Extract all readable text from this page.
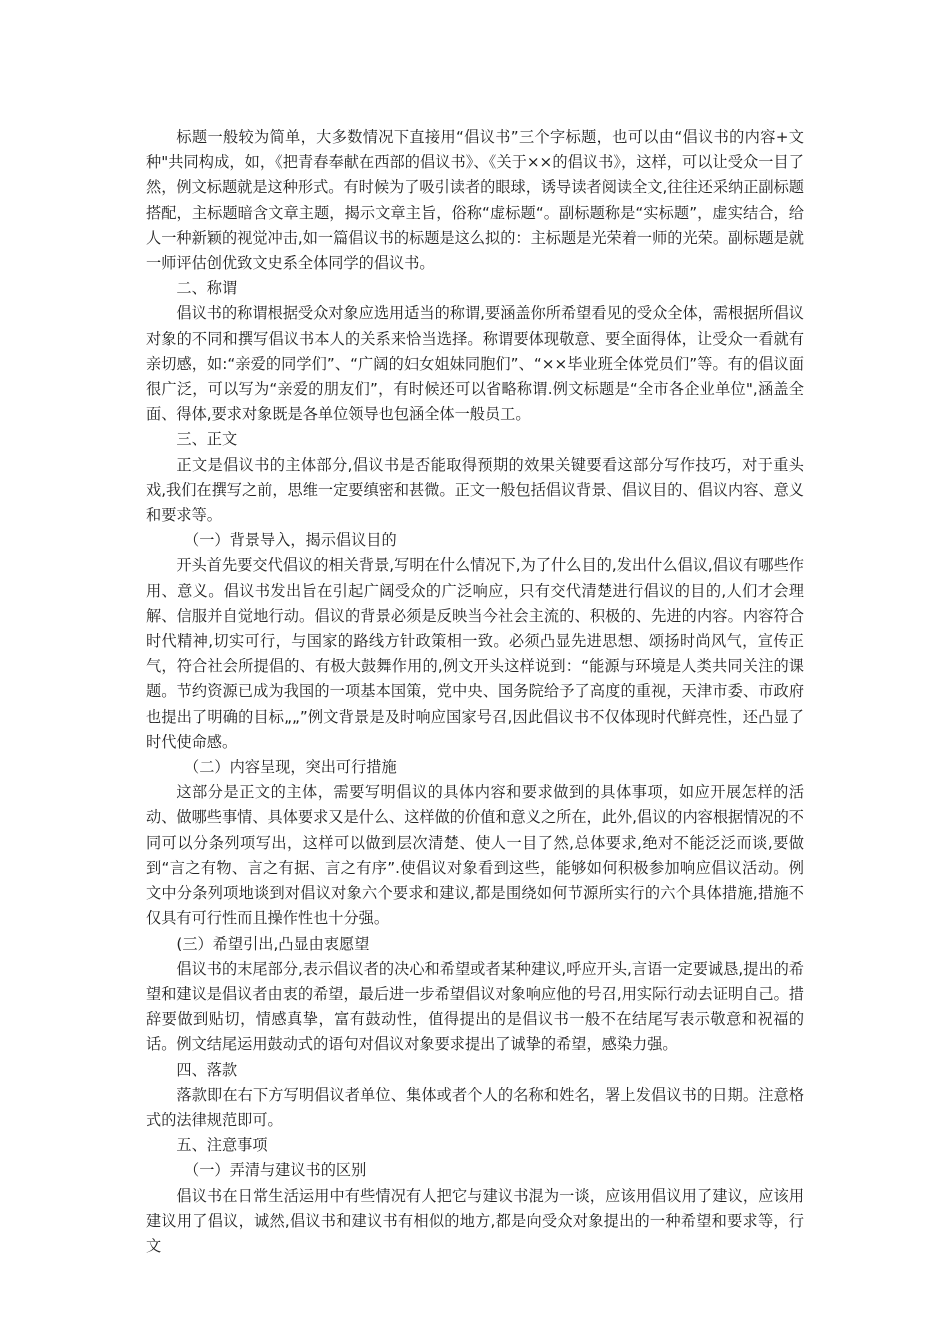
标题一般较为简单，大多数情况下直接用“倡议书”三个字标题，也可以由“倡议书的内容+文种"共同构成，如，《把青春奉献在西部的倡议书》、《关于××的倡议书》，这样，可以让受众一目了然，例文标题就是这种形式。有时候为了吸引读者的眼球，诱导读者阅读全文,往往还采纳正副标题搭配，主标题暗含文章主题，揭示文章主旨，俗称“虚标题“。副标题称是“实标题”，虚实结合，给人一种新颖的视觉冲击,如一篇倡议书的标题是这么拟的：主标题是光荣着一师的光荣。副标题是就一师评估创优致文史系全体同学的倡议书。

二、称谓

倡议书的称谓根据受众对象应选用适当的称谓,要涵盖你所希望看见的受众全体，需根据所倡议对象的不同和撰写倡议书本人的关系来恰当选择。称谓要体现敬意、要全面得体，让受众一看就有亲切感，如:“亲爱的同学们”、“广阔的妇女姐妹同胞们”、“××毕业班全体党员们”等。有的倡议面很广泛，可以写为“亲爱的朋友们”，有时候还可以省略称谓.例文标题是“全市各企业单位",涵盖全面、得体,要求对象既是各单位领导也包涵全体一般员工。

三、正文

正文是倡议书的主体部分,倡议书是否能取得预期的效果关键要看这部分写作技巧，对于重头戏,我们在撰写之前，思维一定要缜密和甚微。正文一般包括倡议背景、倡议目的、倡议内容、意义和要求等。

（一）背景导入，揭示倡议目的

开头首先要交代倡议的相关背景,写明在什么情况下,为了什么目的,发出什么倡议,倡议有哪些作用、意义。倡议书发出旨在引起广阔受众的广泛响应，只有交代清楚进行倡议的目的,人们才会理解、信服并自觉地行动。倡议的背景必须是反映当今社会主流的、积极的、先进的内容。内容符合时代精神,切实可行，与国家的路线方针政策相一致。必须凸显先进思想、颂扬时尚风气，宣传正气，符合社会所提倡的、有极大鼓舞作用的,例文开头这样说到：“能源与环境是人类共同关注的课题。节约资源已成为我国的一项基本国策，党中央、国务院给予了高度的重视，天津市委、市政府也提出了明确的目标„„”例文背景是及时响应国家号召,因此倡议书不仅体现时代鲜亮性，还凸显了时代使命感。

（二）内容呈现，突出可行措施

这部分是正文的主体，需要写明倡议的具体内容和要求做到的具体事项，如应开展怎样的活动、做哪些事情、具体要求又是什么、这样做的价值和意义之所在，此外,倡议的内容根据情况的不同可以分条列项写出，这样可以做到层次清楚、使人一目了然,总体要求,绝对不能泛泛而谈,要做到“言之有物、言之有据、言之有序”.使倡议对象看到这些，能够如何积极参加响应倡议活动。例文中分条列项地谈到对倡议对象六个要求和建议,都是围绕如何节源所实行的六个具体措施,措施不仅具有可行性而且操作性也十分强。

(三）希望引出,凸显由衷愿望

倡议书的末尾部分,表示倡议者的决心和希望或者某种建议,呼应开头,言语一定要诚恳,提出的希望和建议是倡议者由衷的希望，最后进一步希望倡议对象响应他的号召,用实际行动去证明自己。措辞要做到贴切，情感真挚，富有鼓动性，值得提出的是倡议书一般不在结尾写表示敬意和祝福的话。例文结尾运用鼓动式的语句对倡议对象要求提出了诚挚的希望，感染力强。

四、落款

落款即在右下方写明倡议者单位、集体或者个人的名称和姓名，署上发倡议书的日期。注意格式的法律规范即可。

五、注意事项

（一）弄清与建议书的区别

倡议书在日常生活运用中有些情况有人把它与建议书混为一谈，应该用倡议用了建议，应该用建议用了倡议，诚然,倡议书和建议书有相似的地方,都是向受众对象提出的一种希望和要求等，行文
